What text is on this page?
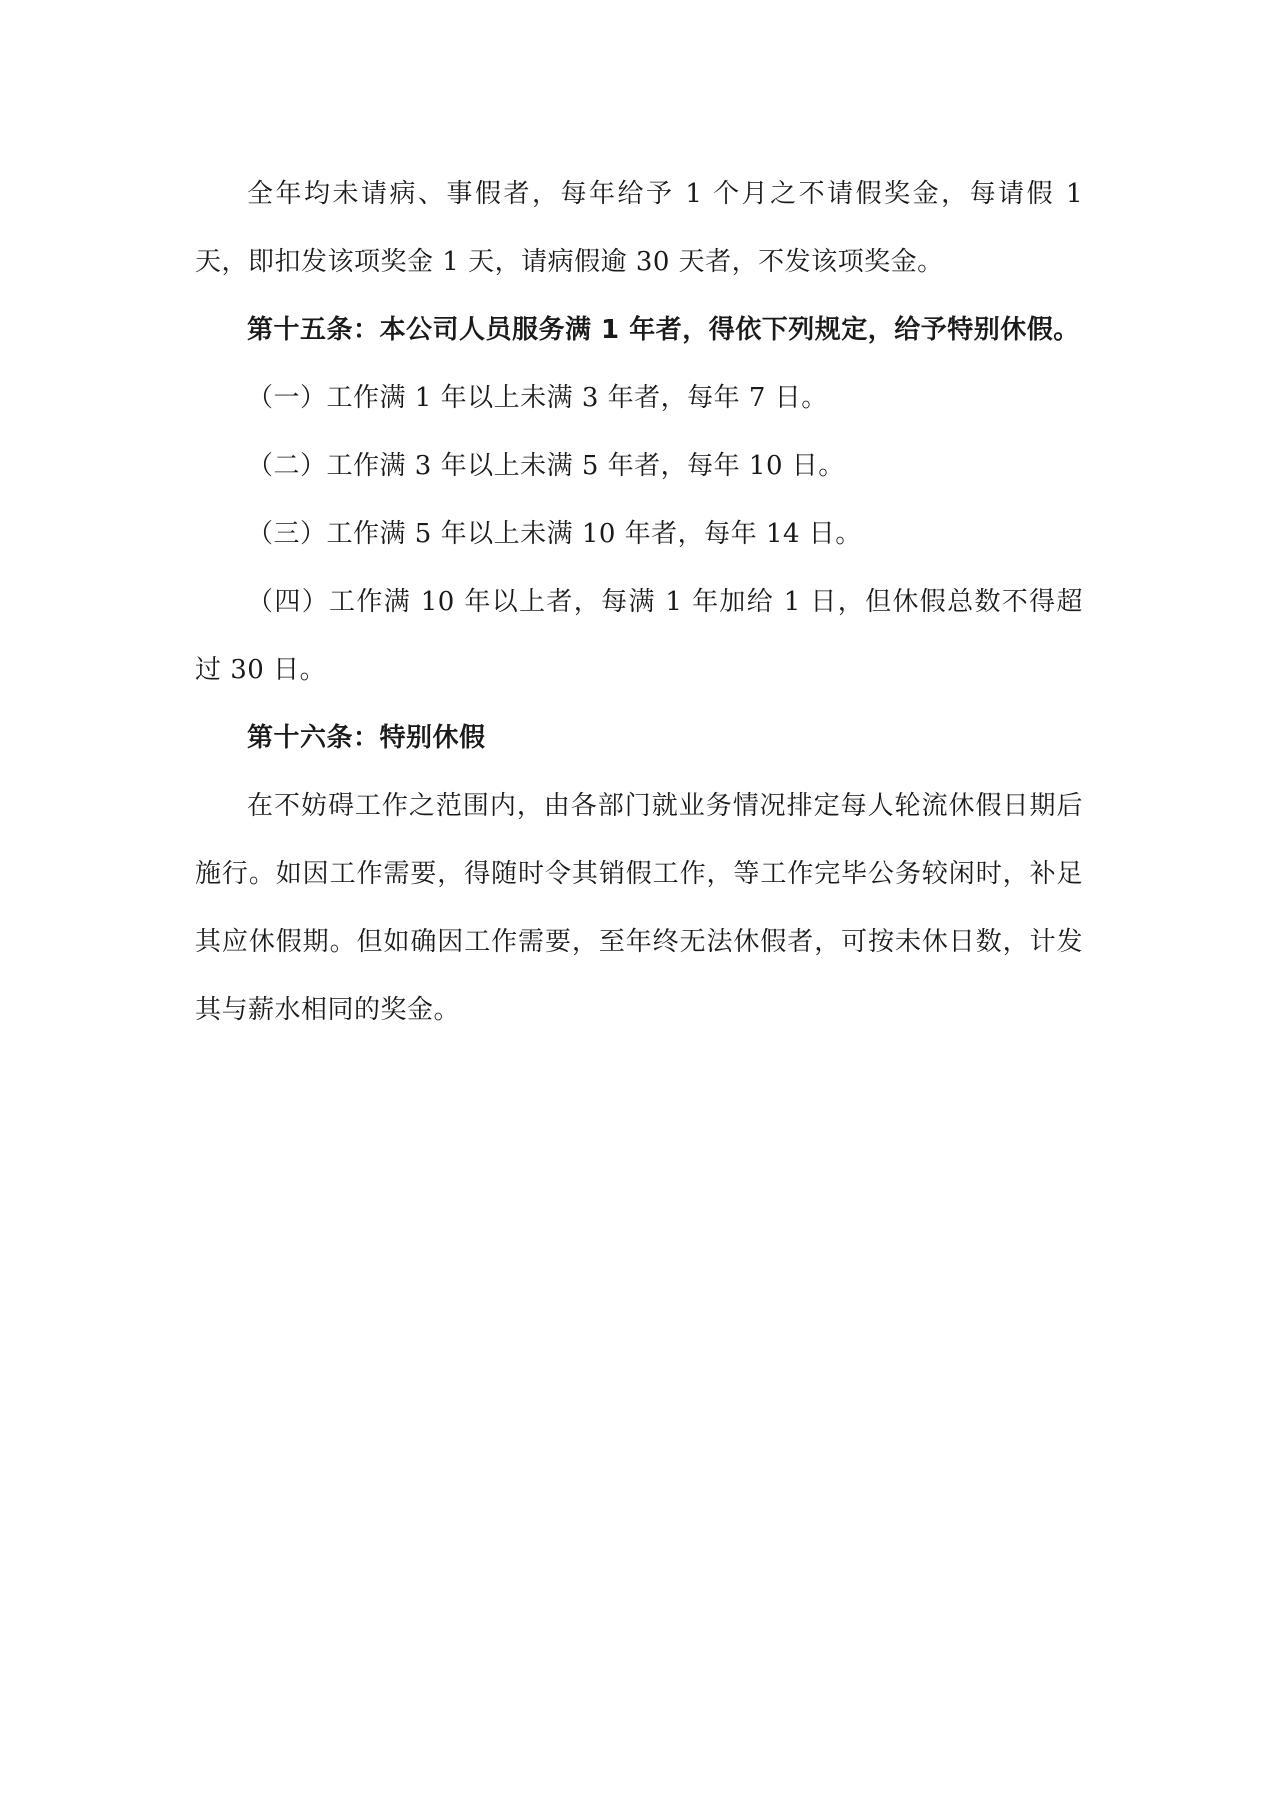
全年均未请病、事假者，每年给予 1 个月之不请假奖金，每请假 1 天，即扣发该项奖金 1 天，请病假逾 30 天者，不发该项奖金。

第十五条：本公司人员服务满 1 年者，得依下列规定，给予特别休假。

（一）工作满 1 年以上未满 3 年者，每年 7 日。

（二）工作满 3 年以上未满 5 年者，每年 10 日。

（三）工作满 5 年以上未满 10 年者，每年 14 日。

（四）工作满 10 年以上者，每满 1 年加给 1 日，但休假总数不得超过 30 日。

第十六条：特别休假

在不妨碍工作之范围内，由各部门就业务情况排定每人轮流休假日期后施行。如因工作需要，得随时令其销假工作，等工作完毕公务较闲时，补足其应休假期。但如确因工作需要，至年终无法休假者，可按未休日数，计发其与薪水相同的奖金。
